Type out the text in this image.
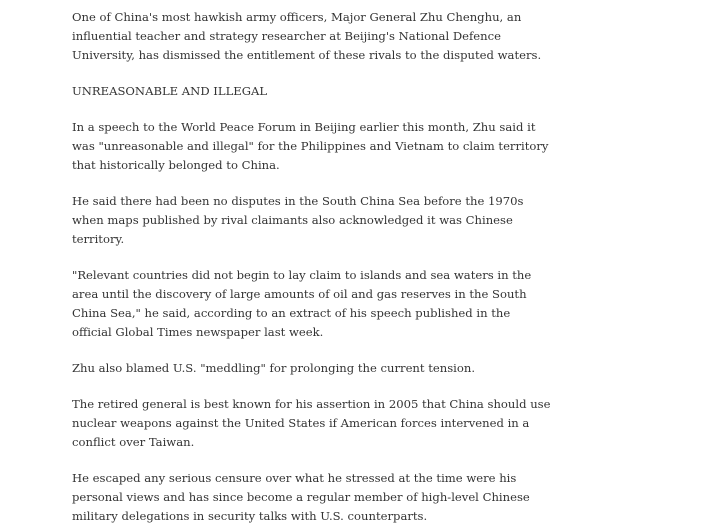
One of China's most hawkish army officers, Major General Zhu Chenghu, an influential teacher and strategy researcher at Beijing's National Defence University, has dismissed the entitlement of these rivals to the disputed waters.

UNREASONABLE AND ILLEGAL

In a speech to the World Peace Forum in Beijing earlier this month, Zhu said it was "unreasonable and illegal" for the Philippines and Vietnam to claim territory that historically belonged to China.

He said there had been no disputes in the South China Sea before the 1970s when maps published by rival claimants also acknowledged it was Chinese territory.

"Relevant countries did not begin to lay claim to islands and sea waters in the area until the discovery of large amounts of oil and gas reserves in the South China Sea," he said, according to an extract of his speech published in the official Global Times newspaper last week.

Zhu also blamed U.S. "meddling" for prolonging the current tension.

The retired general is best known for his assertion in 2005 that China should use nuclear weapons against the United States if American forces intervened in a conflict over Taiwan.

He escaped any serious censure over what he stressed at the time were his personal views and has since become a regular member of high-level Chinese military delegations in security talks with U.S. counterparts.
